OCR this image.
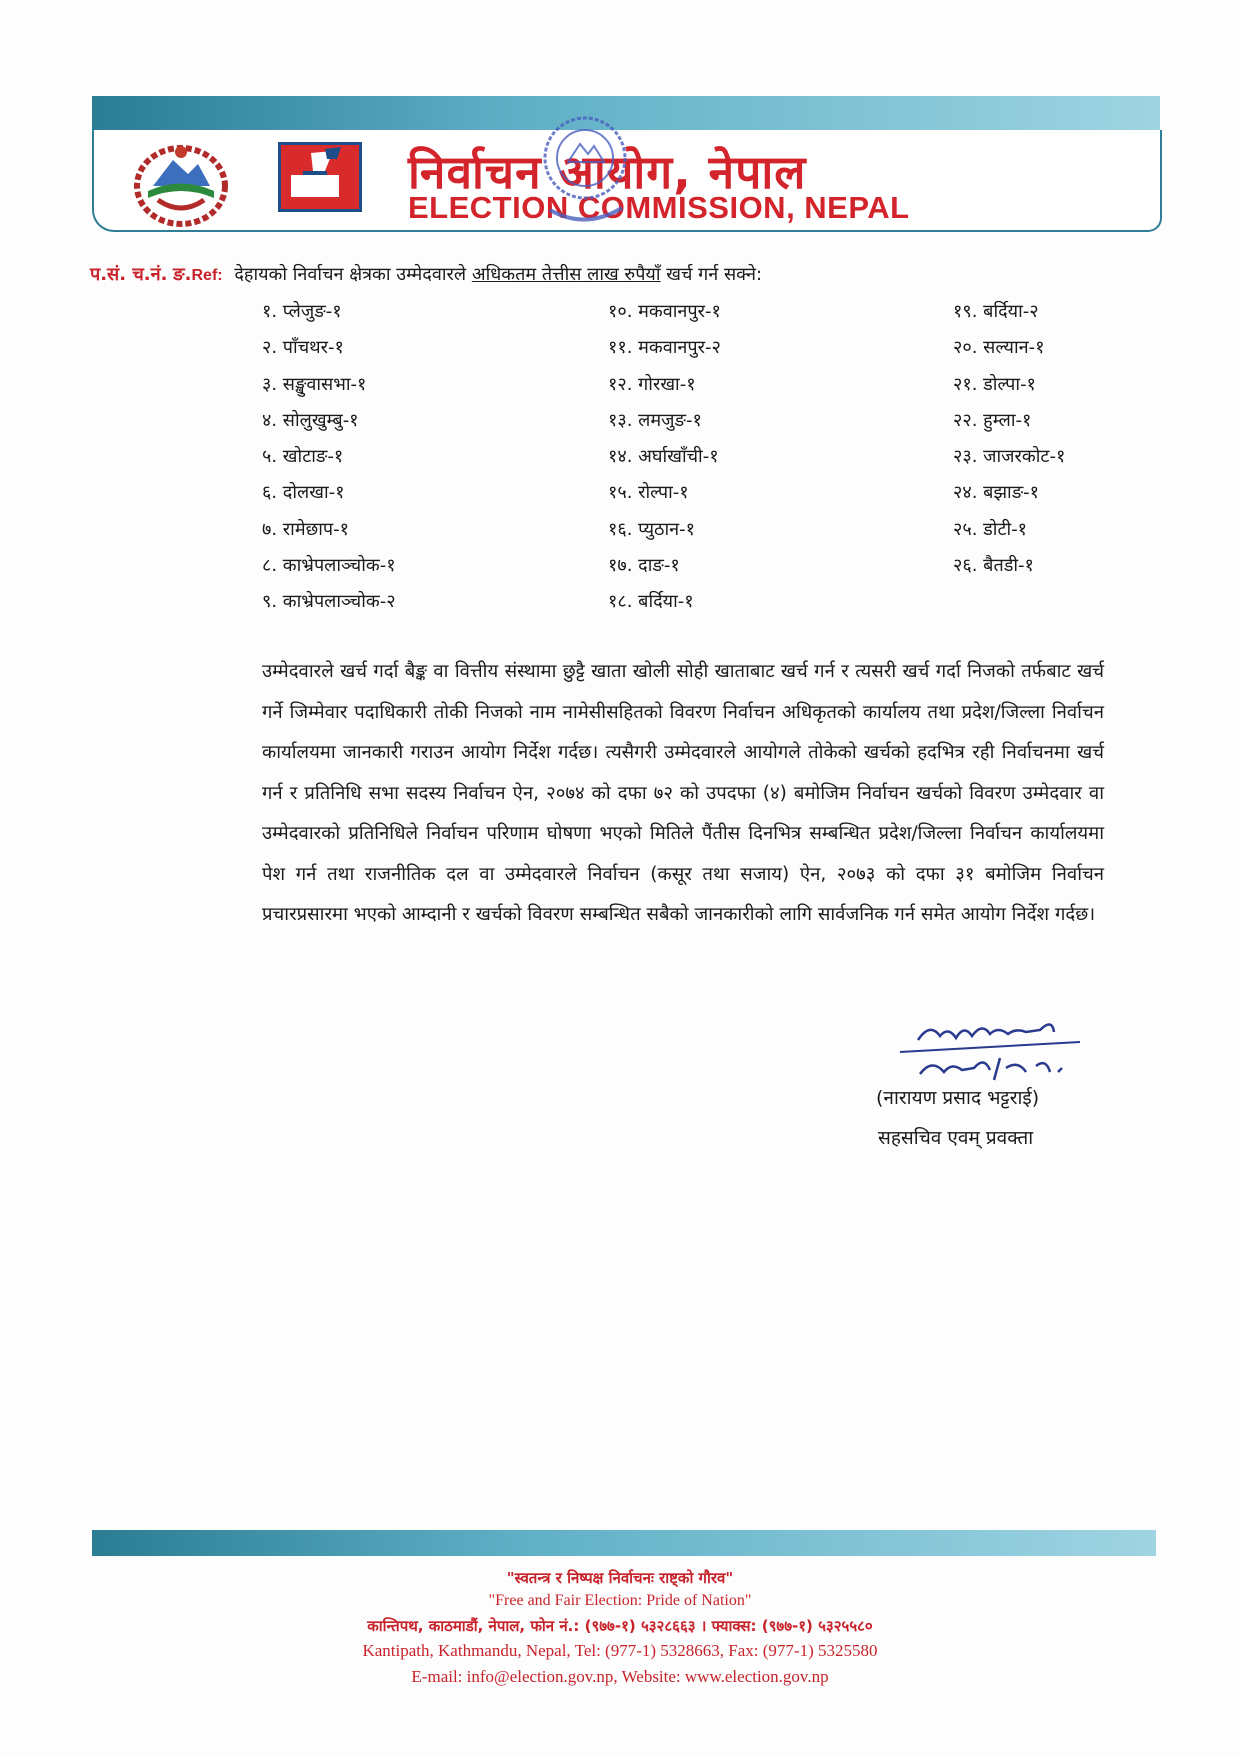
निर्वाचन आयोग, नेपाल
ELECTION COMMISSION, NEPAL
प.सं. च.नं. ङ.Ref: देहायको निर्वाचन क्षेत्रका उम्मेदवारले अधिकतम तेत्तीस लाख रुपैयाँ खर्च गर्न सक्ने:
१. प्लेजुङ-१
२. पाँचथर-१
३. सङ्खुवासभा-१
४. सोलुखुम्बु-१
५. खोटाङ-१
६. दोलखा-१
७. रामेछाप-१
८. काभ्रेपलाञ्चोक-१
९. काभ्रेपलाञ्चोक-२
१०. मकवानपुर-१
११. मकवानपुर-२
१२. गोरखा-१
१३. लमजुङ-१
१४. अर्घाखाँची-१
१५. रोल्पा-१
१६. प्युठान-१
१७. दाङ-१
१८. बर्दिया-१
१९. बर्दिया-२
२०. सल्यान-१
२१. डोल्पा-१
२२. हुम्ला-१
२३. जाजरकोट-१
२४. बझाङ-१
२५. डोटी-१
२६. बैतडी-१
उम्मेदवारले खर्च गर्दा बैङ्क वा वित्तीय संस्थामा छुट्टै खाता खोली सोही खाताबाट खर्च गर्न र त्यसरी खर्च गर्दा निजको तर्फबाट खर्च गर्ने जिम्मेवार पदाधिकारी तोकी निजको नाम नामेसीसहितको विवरण निर्वाचन अधिकृतको कार्यालय तथा प्रदेश/जिल्ला निर्वाचन कार्यालयमा जानकारी गराउन आयोग निर्देश गर्दछ। त्यसैगरी उम्मेदवारले आयोगले तोकेको खर्चको हदभित्र रही निर्वाचनमा खर्च गर्न र प्रतिनिधि सभा सदस्य निर्वाचन ऐन, २०७४ को दफा ७२ को उपदफा (४) बमोजिम निर्वाचन खर्चको विवरण उम्मेदवार वा उम्मेदवारको प्रतिनिधिले निर्वाचन परिणाम घोषणा भएको मितिले पैंतीस दिनभित्र सम्बन्धित प्रदेश/जिल्ला निर्वाचन कार्यालयमा पेश गर्न तथा राजनीतिक दल वा उम्मेदवारले निर्वाचन (कसूर तथा सजाय) ऐन, २०७३ को दफा ३१ बमोजिम निर्वाचन प्रचारप्रसारमा भएको आम्दानी र खर्चको विवरण सम्बन्धित सबैको जानकारीको लागि सार्वजनिक गर्न समेत आयोग निर्देश गर्दछ।
(नारायण प्रसाद भट्टराई)
सहसचिव एवम् प्रवक्ता
"स्वतन्त्र र निष्पक्ष निर्वाचनः राष्ट्को गौरव"
"Free and Fair Election: Pride of Nation"
कान्तिपथ, काठमाडौं, नेपाल, फोन नं.: (९७७-१) ५३२८६६३ । फ्याक्स: (९७७-१) ५३२५५८०
Kantipath, Kathmandu, Nepal, Tel: (977-1) 5328663, Fax: (977-1) 5325580
E-mail: info@election.gov.np, Website: www.election.gov.np
